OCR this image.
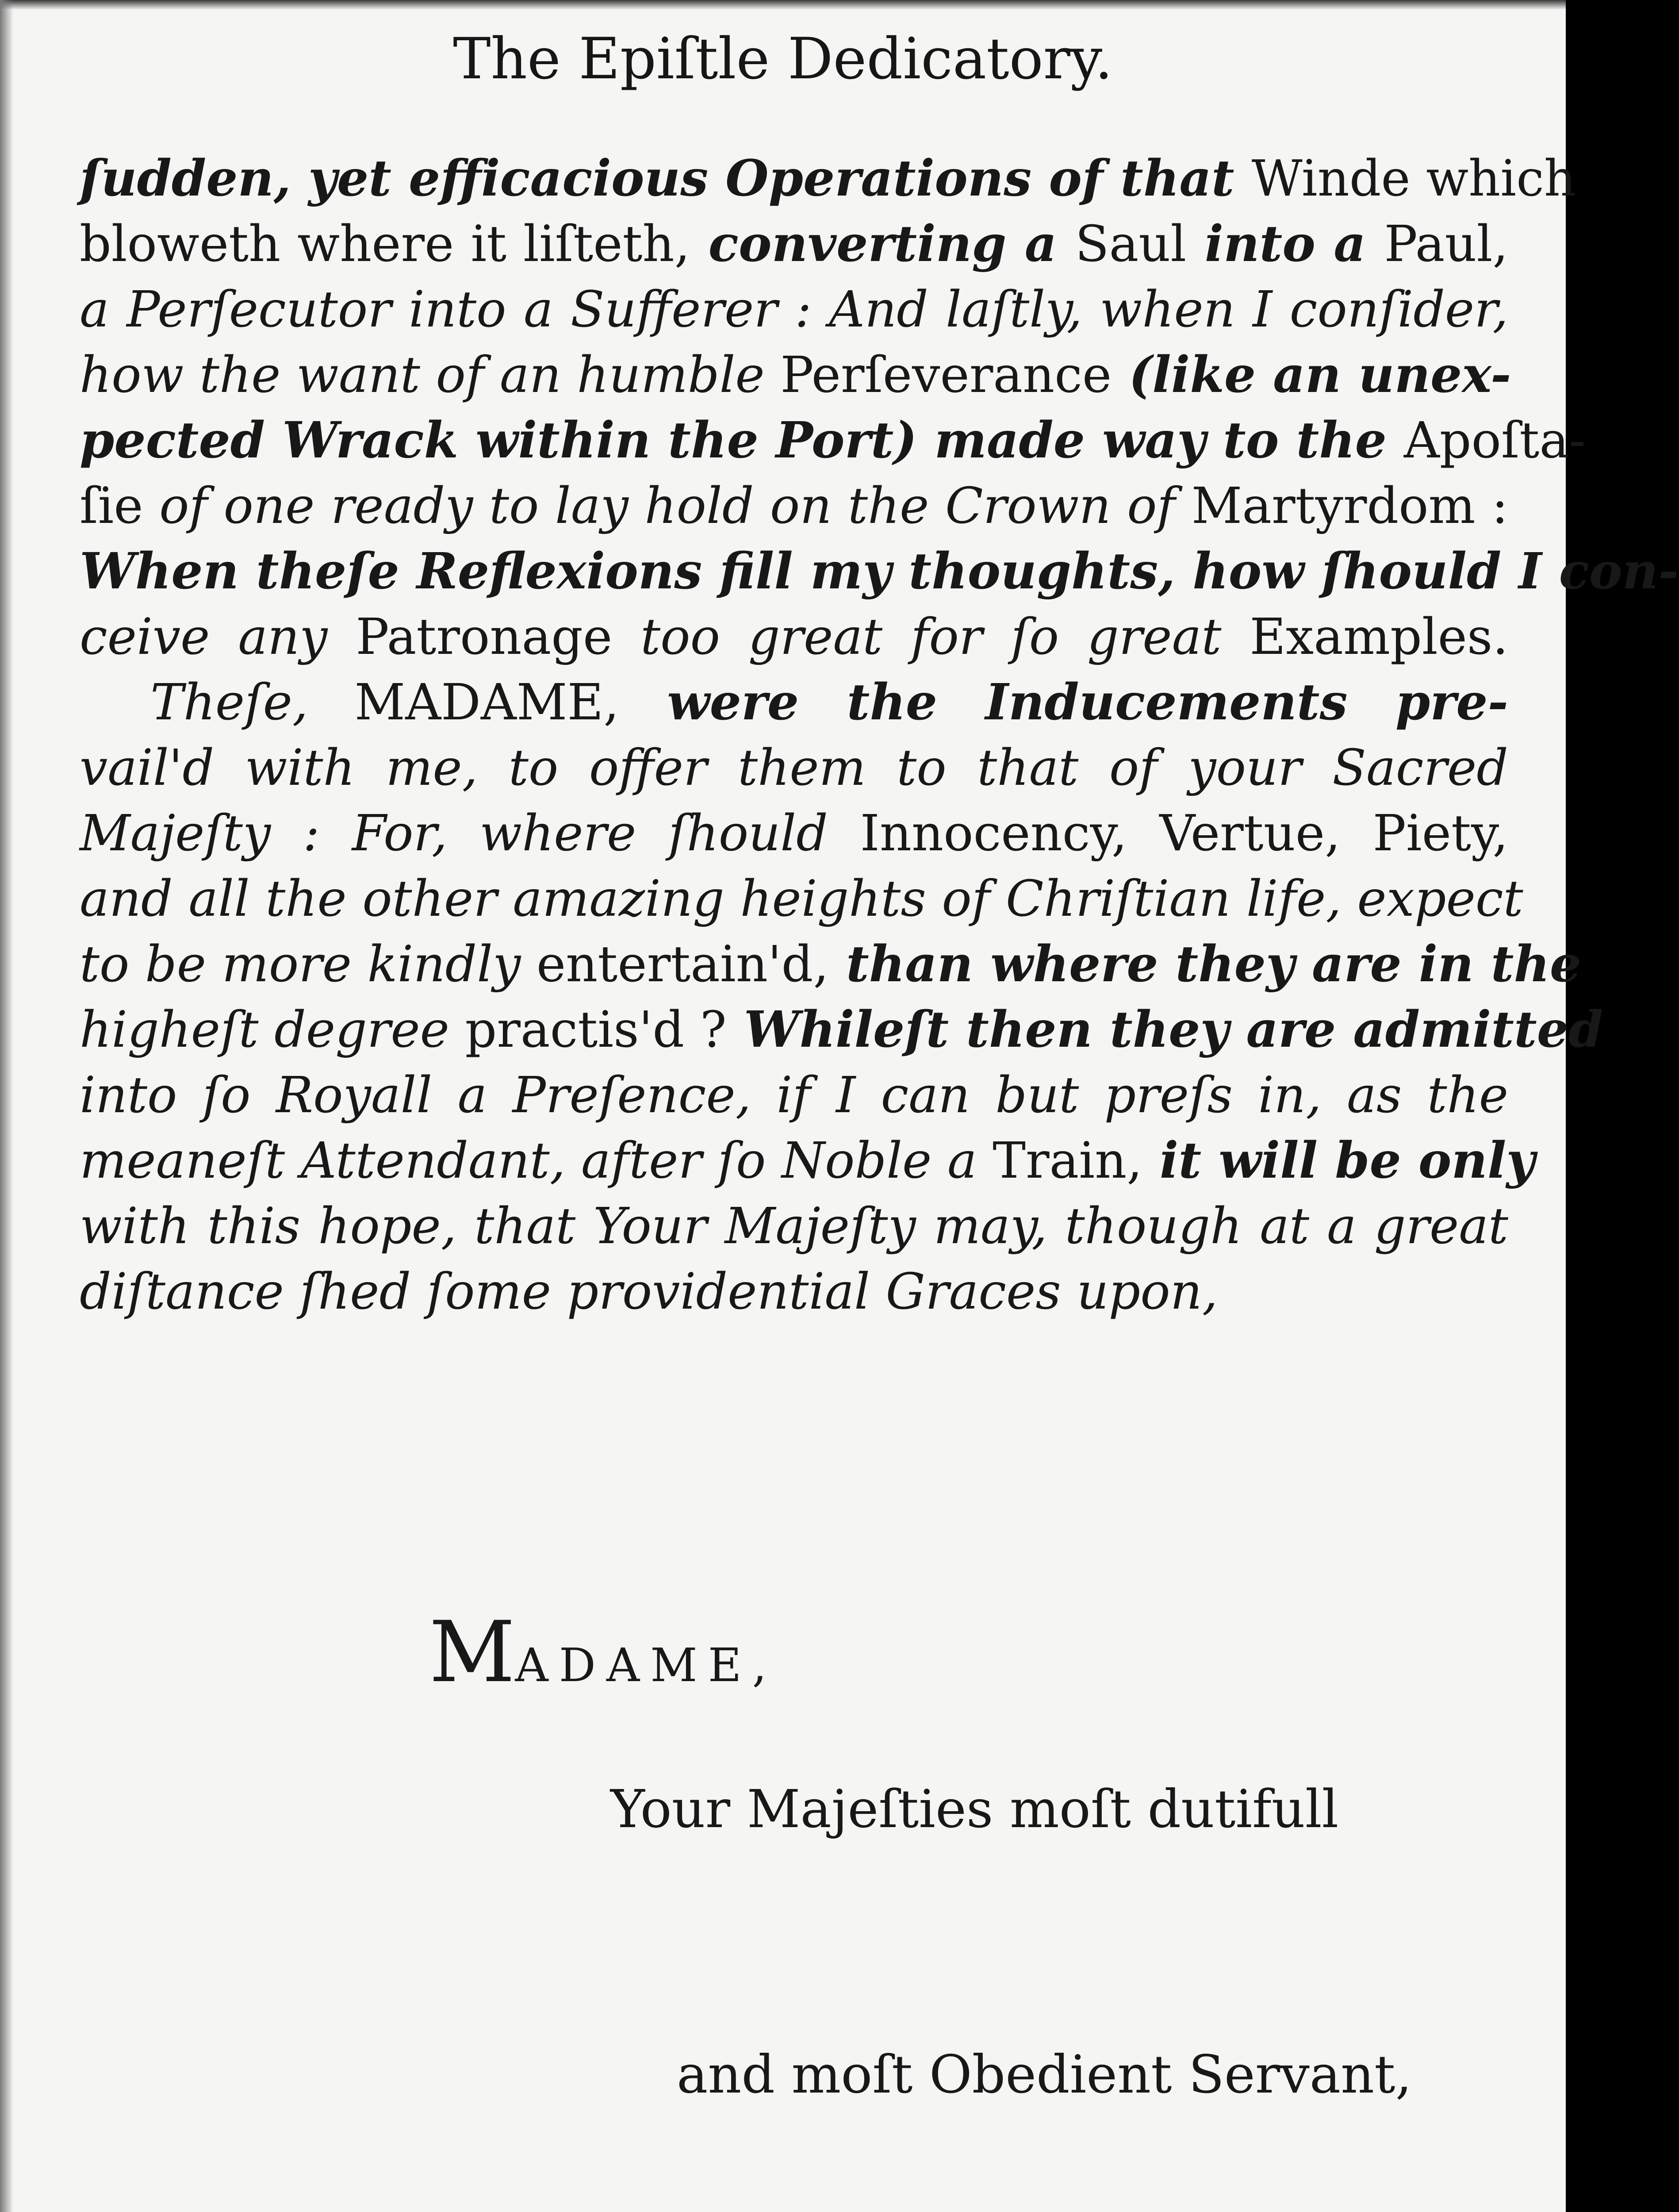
The Epiſtle Dedicatory.
ſudden, yet efficacious Operations of that Winde which
bloweth where it liſteth, converting a Saul into a Paul,
a Perſecutor into a Sufferer : And laſtly, when I conſider,
how the want of an humble Perſeverance (like an unex-
pected Wrack within the Port) made way to the Apoſta-
ſie of one ready to lay hold on the Crown of Martyrdom :
When theſe Reflexions fill my thoughts, how ſhould I con-
ceive any Patronage too great for ſo great Examples.
Theſe, MADAME, were the Inducements pre-
vail'd with me, to offer them to that of your Sacred
Majeſty : For, where ſhould Innocency, Vertue, Piety,
and all the other amazing heights of Chriſtian life, expect
to be more kindly entertain'd, than where they are in the
higheſt degree practis'd ? Whileſt then they are admitted
into ſo Royall a Preſence, if I can but preſs in, as the
meaneſt Attendant, after ſo Noble a Train, it will be only
with this hope, that Your Majeſty may, though at a great
diſtance ſhed ſome providential Graces upon,
MADAME,
Your Majeſties moſt dutifull
and moſt Obedient Servant,
